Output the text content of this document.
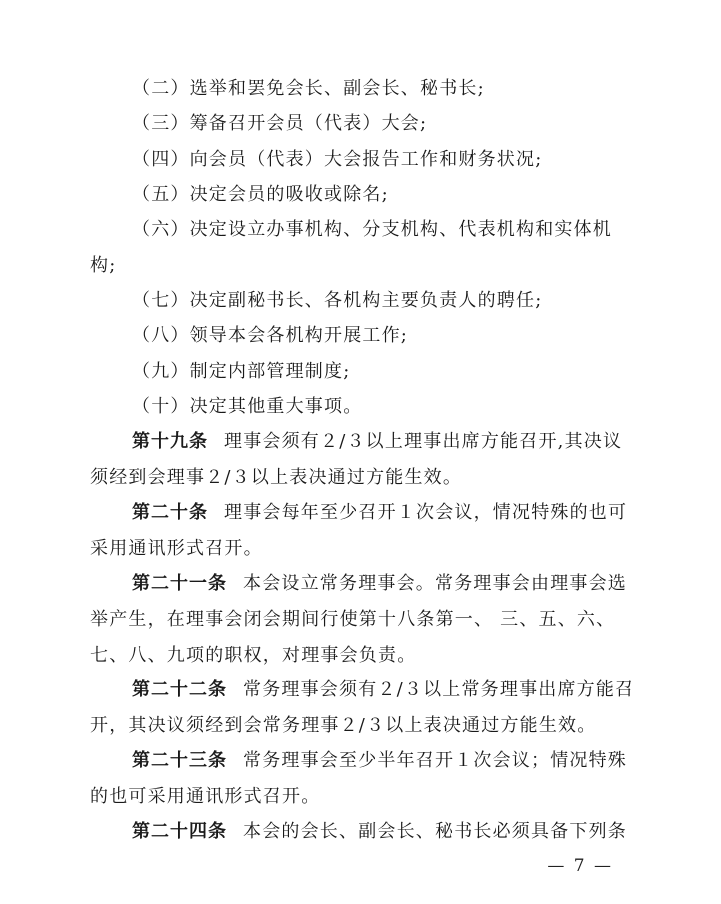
（二）选举和罢免会长、副会长、秘书长;

（三）筹备召开会员（代表）大会;

（四）向会员（代表）大会报告工作和财务状况;

（五）决定会员的吸收或除名;

（六）决定设立办事机构、分支机构、代表机构和实体机构;

（七）决定副秘书长、各机构主要负责人的聘任;

（八）领导本会各机构开展工作;

（九）制定内部管理制度;

（十）决定其他重大事项。

第十九条 理事会须有２/３以上理事出席方能召开,其决议须经到会理事２/３以上表决通过方能生效。

第二十条 理事会每年至少召开１次会议，情况特殊的也可采用通讯形式召开。

第二十一条 本会设立常务理事会。常务理事会由理事会选举产生，在理事会闭会期间行使第十八条第一、 三、五、六、七、八、九项的职权，对理事会负责。

第二十二条 常务理事会须有２/３以上常务理事出席方能召开，其决议须经到会常务理事２/３以上表决通过方能生效。

第二十三条 常务理事会至少半年召开１次会议；情况特殊的也可采用通讯形式召开。

第二十四条 本会的会长、副会长、秘书长必须具备下列条

— 7 —
